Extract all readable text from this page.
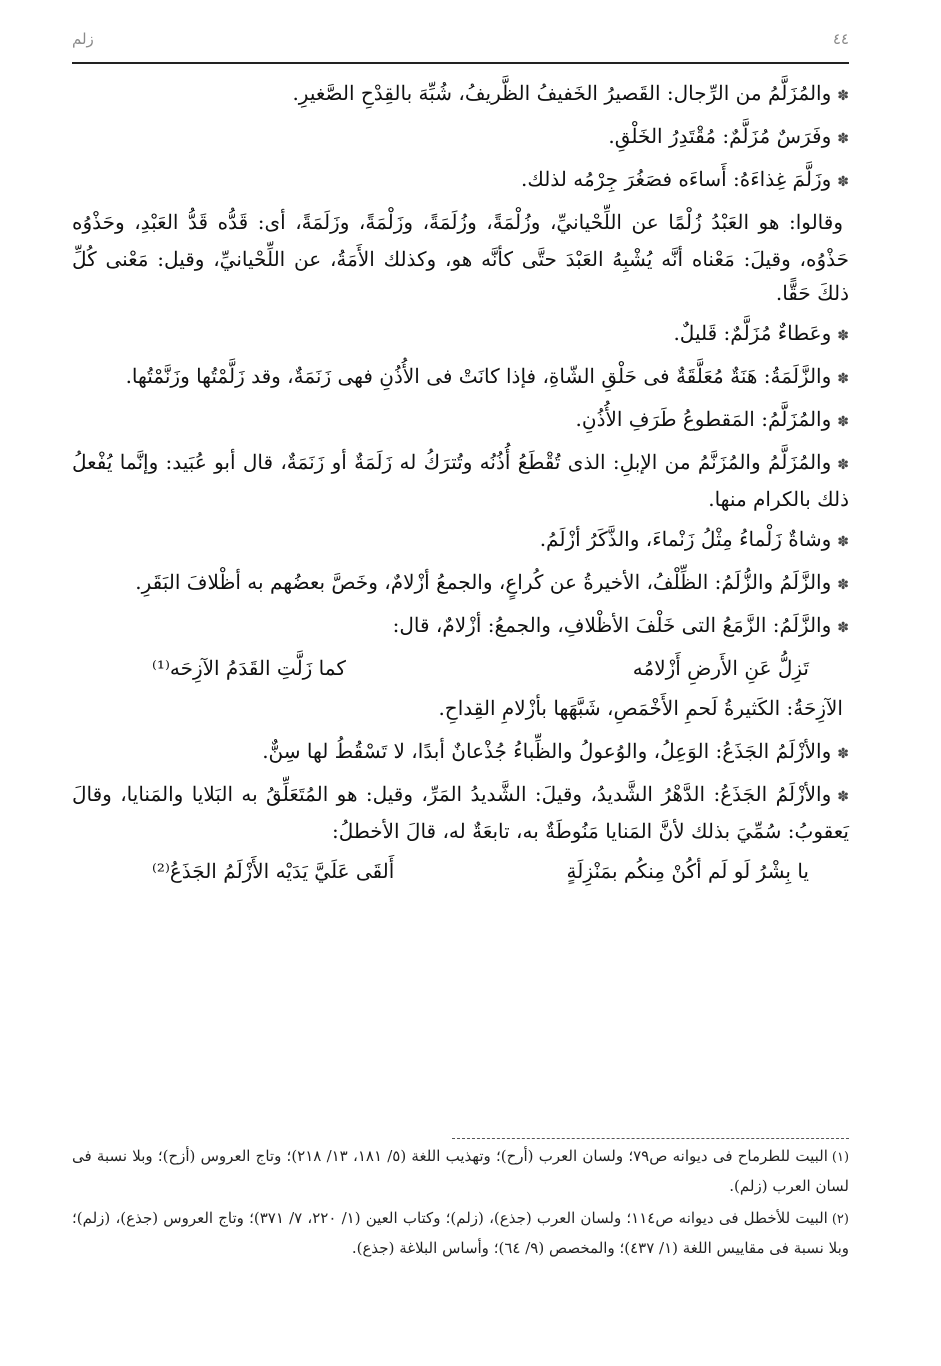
٤٤
زلم

✽والمُزَلَّمُ من الرِّجال: القَصيرُ الخَفيفُ الظَّريفُ، شُبِّهَ بالقِدْحِ الصَّغيرِ.

✽وفَرَسٌ مُزَلَّمٌ: مُقْتَدِرُ الخَلْقِ.

✽وزَلَّمَ غِذاءَهُ: أَساءَه فصَغُرَ جِرْمُه لذلك.

وقالوا: هو العَبْدُ زُلْمًا عن اللِّحْيانيِّ، وزُلْمَةً، وزُلَمَةً، وزَلْمَةً، وزَلَمَةً، أى: قَدُّه قَدُّ العَبْدِ، وحَذْوُه حَذْوُه، وقيلَ: مَعْناه أنَّه يُشْبِهُ العَبْدَ حتَّى كأنَّه هو، وكذلك الأَمَةُ، عن اللِّحْيانيِّ، وقيل: مَعْنى كُلِّ ذلكَ حَقًّا.

✽وعَطاءٌ مُزَلَّمٌ: قَليلٌ.

✽والزَّلَمَةُ: هَنَةٌ مُعَلَّقَةٌ فى حَلْقِ الشّاةِ، فإذا كانَتْ فى الأُذُنِ فهى زَنَمَةٌ، وقد زَلَّمْتُها وزَنَّمْتُها.

✽والمُزَلَّمُ: المَقطوعُ طَرَفِ الأُذُنِ.

✽والمُزَلَّمُ والمُزَنَّمُ من الإبلِ: الذى تُقْطَعُ أُذُنُه وتُترَكُ له زَلَمَةٌ أو زَنَمَةٌ، قال أبو عُبَيد: وإنَّما يُفْعلُ ذلك بالكرام منها.

✽وشاةٌ زَلْماءُ مِثْلُ زَنْماءَ، والذَّكَرُ أزْلَمُ.

✽والزَّلَمُ والزُّلَمُ: الظِّلْفُ، الأخيرةُ عن كُراعٍ، والجمعُ أزْلامٌ، وخَصَّ بعضُهم به أظْلافَ البَقَرِ.

✽والزَّلَمُ: الزَّمَعُ التى خَلْفَ الأظْلافِ، والجمعُ: أزْلامٌ، قال:

تَزِلُّ عَنِ الأَرضِ أَزْلامُه
كما زَلَّتِ القَدَمُ الآزِحَه⁽¹⁾

الآزِحَةُ: الكَثيرةُ لَحمِ الأَخْمَصِ، شَبَّهَها بأزْلامِ القِداحِ.

✽والأزْلَمُ الجَذَعُ: الوَعِلُ، والوُعولُ والظِّباءُ جُذْعانٌ أبدًا، لا تَسْقُطُ لها سِنٌّ.

✽والأزْلَمُ الجَذَعُ: الدَّهْرُ الشَّديدُ، وقيلَ: الشَّديدُ المَرِّ، وقيل: هو المُتَعَلِّقُ به البَلايا والمَنايا، وقالَ يَعقوبُ: سُمِّيَ بذلك لأنَّ المَنايا مَنُوطَةٌ به، تابعَةٌ له، قالَ الأخطلُ:

يا بِشْرُ لَو لَم أكُنْ مِنكُم بمَنْزِلَةٍ
أَلقَى عَلَيَّ يَدَيْه الأَزْلَمُ الجَذَعُ⁽²⁾

(١)البيت للطرماح فى ديوانه ص٧٩؛ ولسان العرب (أرح)؛ وتهذيب اللغة (٥/ ١٨١، ١٣/ ٢١٨)؛ وتاج العروس (أزح)؛ وبلا نسبة فى لسان العرب (زلم).

(٢)البيت للأخطل فى ديوانه ص١١٤؛ ولسان العرب (جذع)، (زلم)؛ وكتاب العين (١/ ٢٢٠، ٧/ ٣٧١)؛ وتاج العروس (جذع)، (زلم)؛ وبلا نسبة فى مقاييس اللغة (١/ ٤٣٧)؛ والمخصص (٩/ ٦٤)؛ وأساس البلاغة (جذع).
